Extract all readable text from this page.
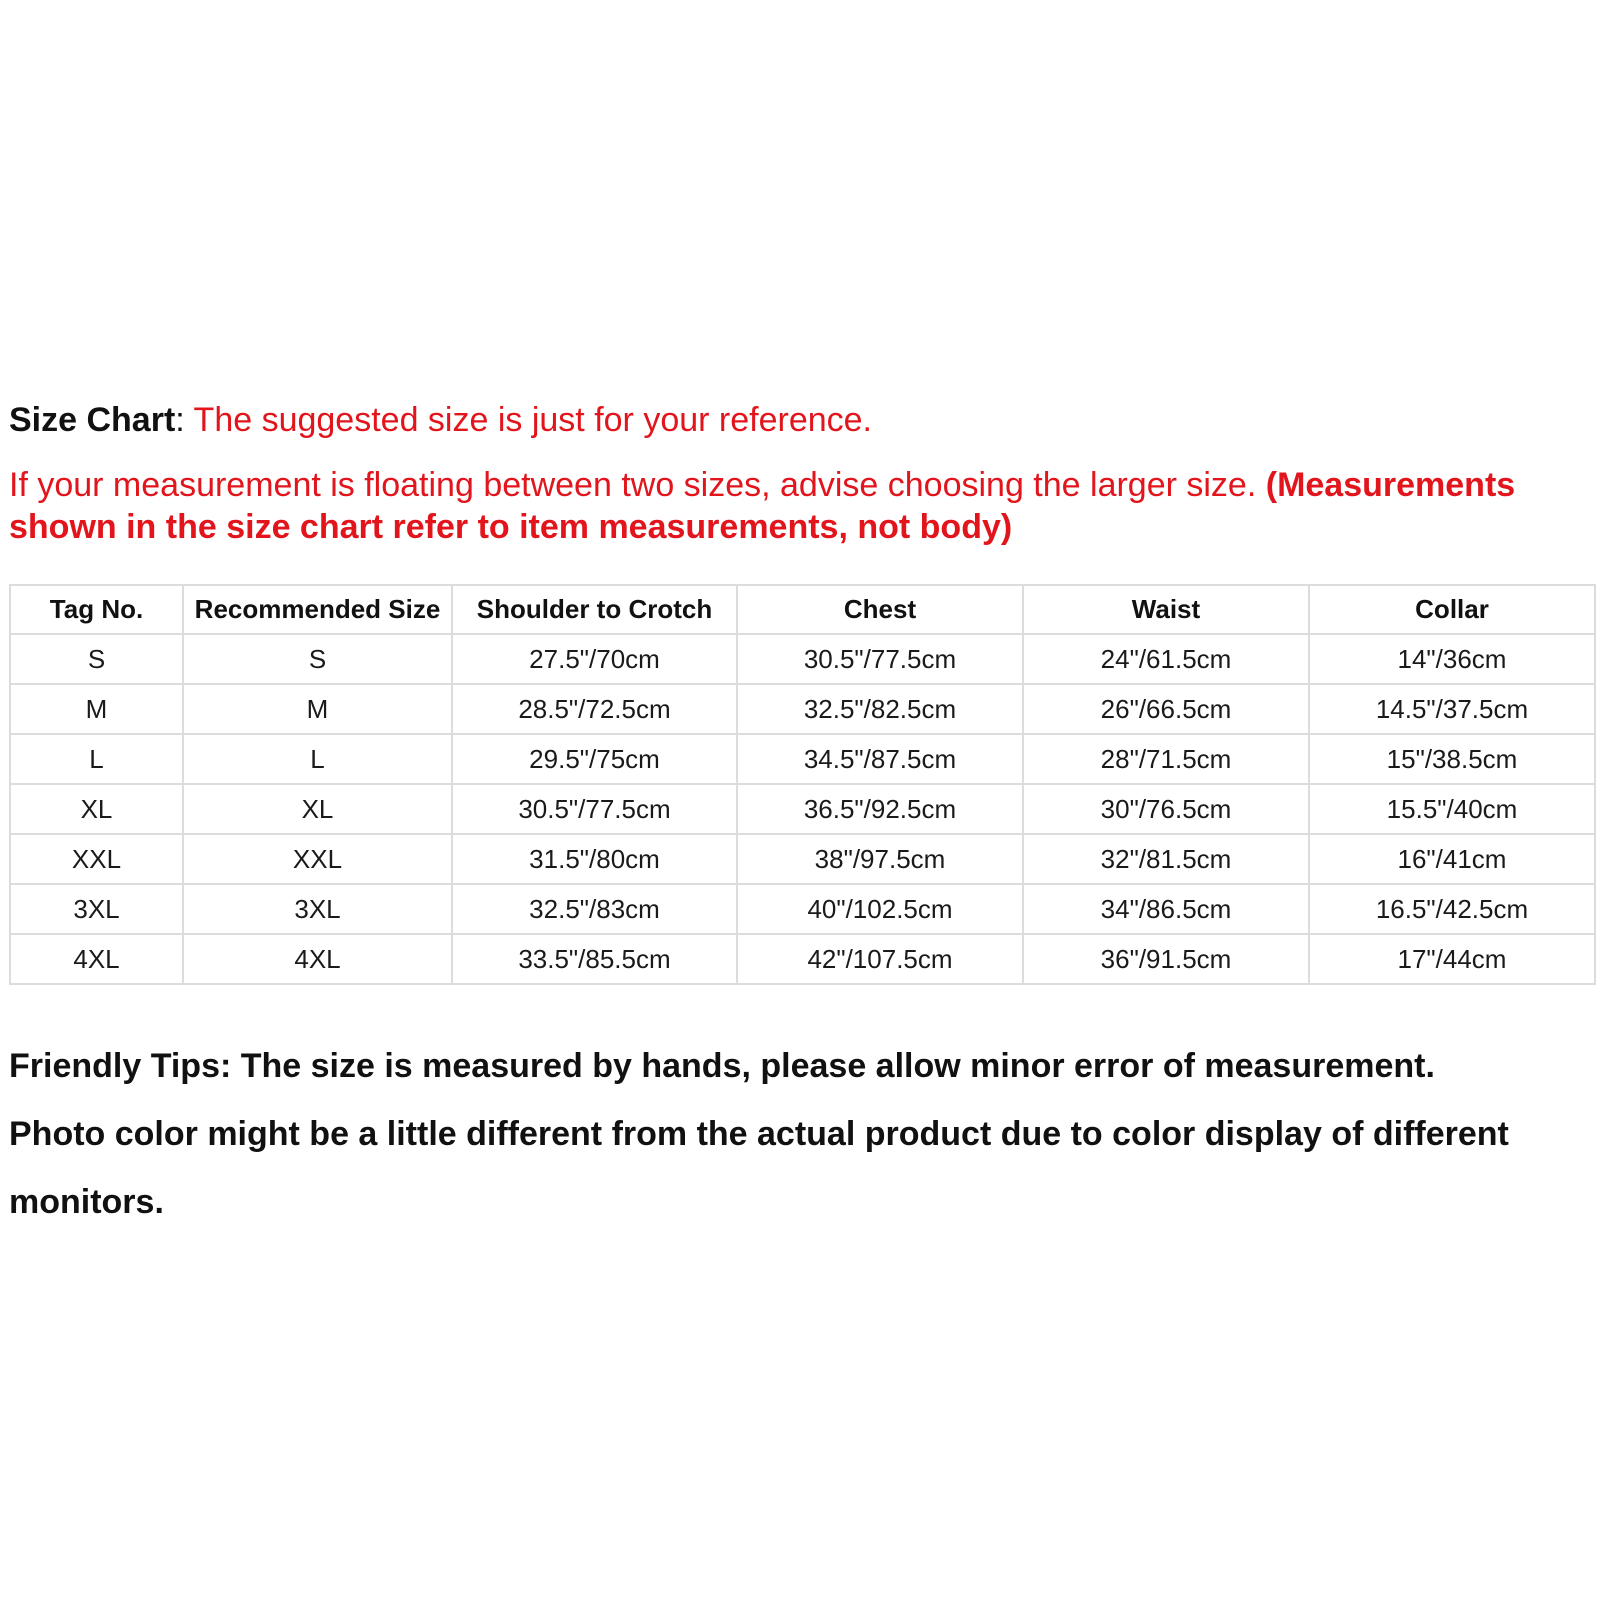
Size Chart: The suggested size is just for your reference.

If your measurement is floating between two sizes, advise choosing the larger size. (Measurements shown in the size chart refer to item measurements, not body)

Tag No.	Recommended Size	Shoulder to Crotch	Chest	Waist	Collar
S	S	27.5"/70cm	30.5"/77.5cm	24"/61.5cm	14"/36cm
M	M	28.5"/72.5cm	32.5"/82.5cm	26"/66.5cm	14.5"/37.5cm
L	L	29.5"/75cm	34.5"/87.5cm	28"/71.5cm	15"/38.5cm
XL	XL	30.5"/77.5cm	36.5"/92.5cm	30"/76.5cm	15.5"/40cm
XXL	XXL	31.5"/80cm	38"/97.5cm	32"/81.5cm	16"/41cm
3XL	3XL	32.5"/83cm	40"/102.5cm	34"/86.5cm	16.5"/42.5cm
4XL	4XL	33.5"/85.5cm	42"/107.5cm	36"/91.5cm	17"/44cm

Friendly Tips: The size is measured by hands, please allow minor error of measurement.

Photo color might be a little different from the actual product due to color display of different monitors.
